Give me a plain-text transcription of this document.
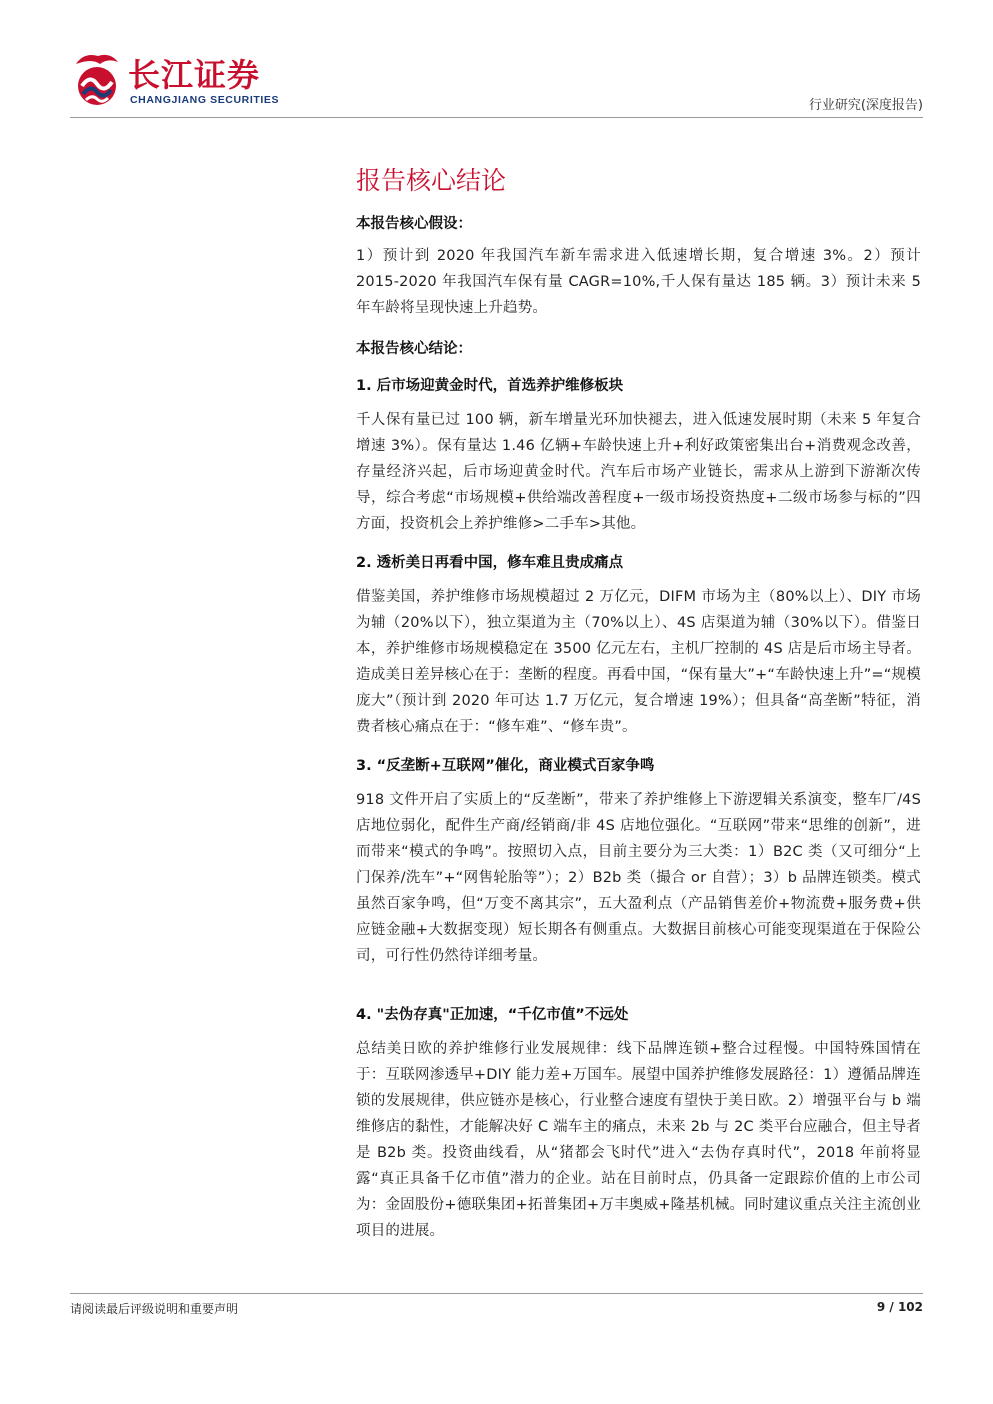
长江证券
CHANGJIANG SECURITIES	行业研究(深度报告)
报告核心结论

本报告核心假设：

1）预计到 2020 年我国汽车新车需求进入低速增长期，复合增速 3%。2）预计 2015-2020 年我国汽车保有量 CAGR=10%,千人保有量达 185 辆。3）预计未来 5 年车龄将呈现快速上升趋势。

本报告核心结论：

1. 后市场迎黄金时代，首选养护维修板块

千人保有量已过 100 辆，新车增量光环加快褪去，进入低速发展时期（未来 5 年复合增速 3%）。保有量达 1.46 亿辆+车龄快速上升+利好政策密集出台+消费观念改善，存量经济兴起，后市场迎黄金时代。汽车后市场产业链长，需求从上游到下游渐次传导，综合考虑“市场规模+供给端改善程度+一级市场投资热度+二级市场参与标的”四方面，投资机会上养护维修>二手车>其他。

2. 透析美日再看中国，修车难且贵成痛点

借鉴美国，养护维修市场规模超过 2 万亿元，DIFM 市场为主（80%以上）、DIY 市场为辅（20%以下），独立渠道为主（70%以上）、4S 店渠道为辅（30%以下）。借鉴日本，养护维修市场规模稳定在 3500 亿元左右，主机厂控制的 4S 店是后市场主导者。造成美日差异核心在于：垄断的程度。再看中国，“保有量大”+“车龄快速上升”=“规模庞大”（预计到 2020 年可达 1.7 万亿元，复合增速 19%）；但具备“高垄断”特征，消费者核心痛点在于：“修车难”、“修车贵”。

3. “反垄断+互联网”催化，商业模式百家争鸣

918 文件开启了实质上的“反垄断”，带来了养护维修上下游逻辑关系演变，整车厂/4S 店地位弱化，配件生产商/经销商/非 4S 店地位强化。“互联网”带来“思维的创新”，进而带来“模式的争鸣”。按照切入点，目前主要分为三大类：1）B2C 类（又可细分“上门保养/洗车”+“网售轮胎等”）；2）B2b 类（撮合 or 自营）；3）b 品牌连锁类。模式虽然百家争鸣，但“万变不离其宗”，五大盈利点（产品销售差价+物流费+服务费+供应链金融+大数据变现）短长期各有侧重点。大数据目前核心可能变现渠道在于保险公司，可行性仍然待详细考量。

4. "去伪存真"正加速，“千亿市值”不远处

总结美日欧的养护维修行业发展规律：线下品牌连锁+整合过程慢。中国特殊国情在于：互联网渗透早+DIY 能力差+万国车。展望中国养护维修发展路径：1）遵循品牌连锁的发展规律，供应链亦是核心，行业整合速度有望快于美日欧。2）增强平台与 b 端维修店的黏性，才能解决好 C 端车主的痛点，未来 2b 与 2C 类平台应融合，但主导者是 B2b 类。投资曲线看，从“猪都会飞时代”进入“去伪存真时代”，2018 年前将显露“真正具备千亿市值”潜力的企业。站在目前时点，仍具备一定跟踪价值的上市公司为：金固股份+德联集团+拓普集团+万丰奥威+隆基机械。同时建议重点关注主流创业项目的进展。

请阅读最后评级说明和重要声明	9 / 102
